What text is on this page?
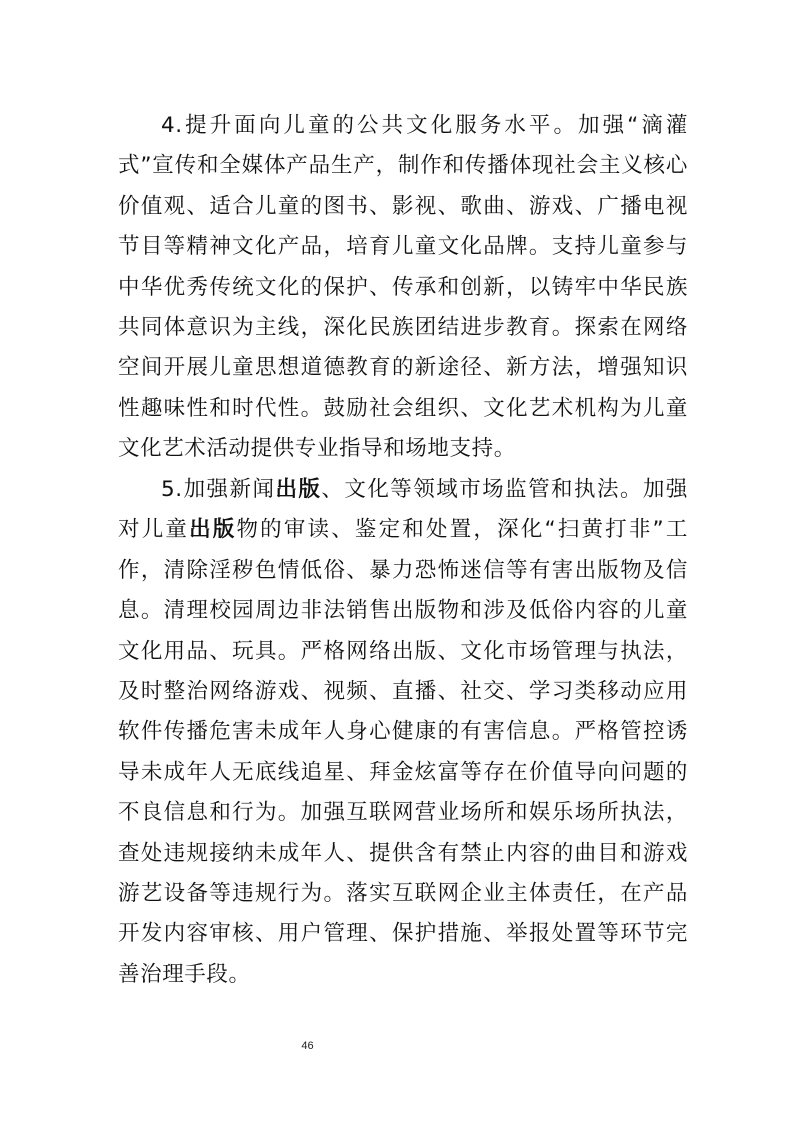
4.提升面向儿童的公共文化服务水平。加强“滴灌式”宣传和全媒体产品生产，制作和传播体现社会主义核心价值观、适合儿童的图书、影视、歌曲、游戏、广播电视节目等精神文化产品，培育儿童文化品牌。支持儿童参与中华优秀传统文化的保护、传承和创新，以铸牢中华民族共同体意识为主线，深化民族团结进步教育。探索在网络空间开展儿童思想道德教育的新途径、新方法，增强知识性趣味性和时代性。鼓励社会组织、文化艺术机构为儿童文化艺术活动提供专业指导和场地支持。

5.加强新闻出版、文化等领域市场监管和执法。加强对儿童出版物的审读、鉴定和处置，深化“扫黄打非”工作，清除淫秽色情低俗、暴力恐怖迷信等有害出版物及信息。清理校园周边非法销售出版物和涉及低俗内容的儿童文化用品、玩具。严格网络出版、文化市场管理与执法，及时整治网络游戏、视频、直播、社交、学习类移动应用软件传播危害未成年人身心健康的有害信息。严格管控诱导未成年人无底线追星、拜金炫富等存在价值导向问题的不良信息和行为。加强互联网营业场所和娱乐场所执法，查处违规接纳未成年人、提供含有禁止内容的曲目和游戏游艺设备等违规行为。落实互联网企业主体责任，在产品开发内容审核、用户管理、保护措施、举报处置等环节完善治理手段。

46
